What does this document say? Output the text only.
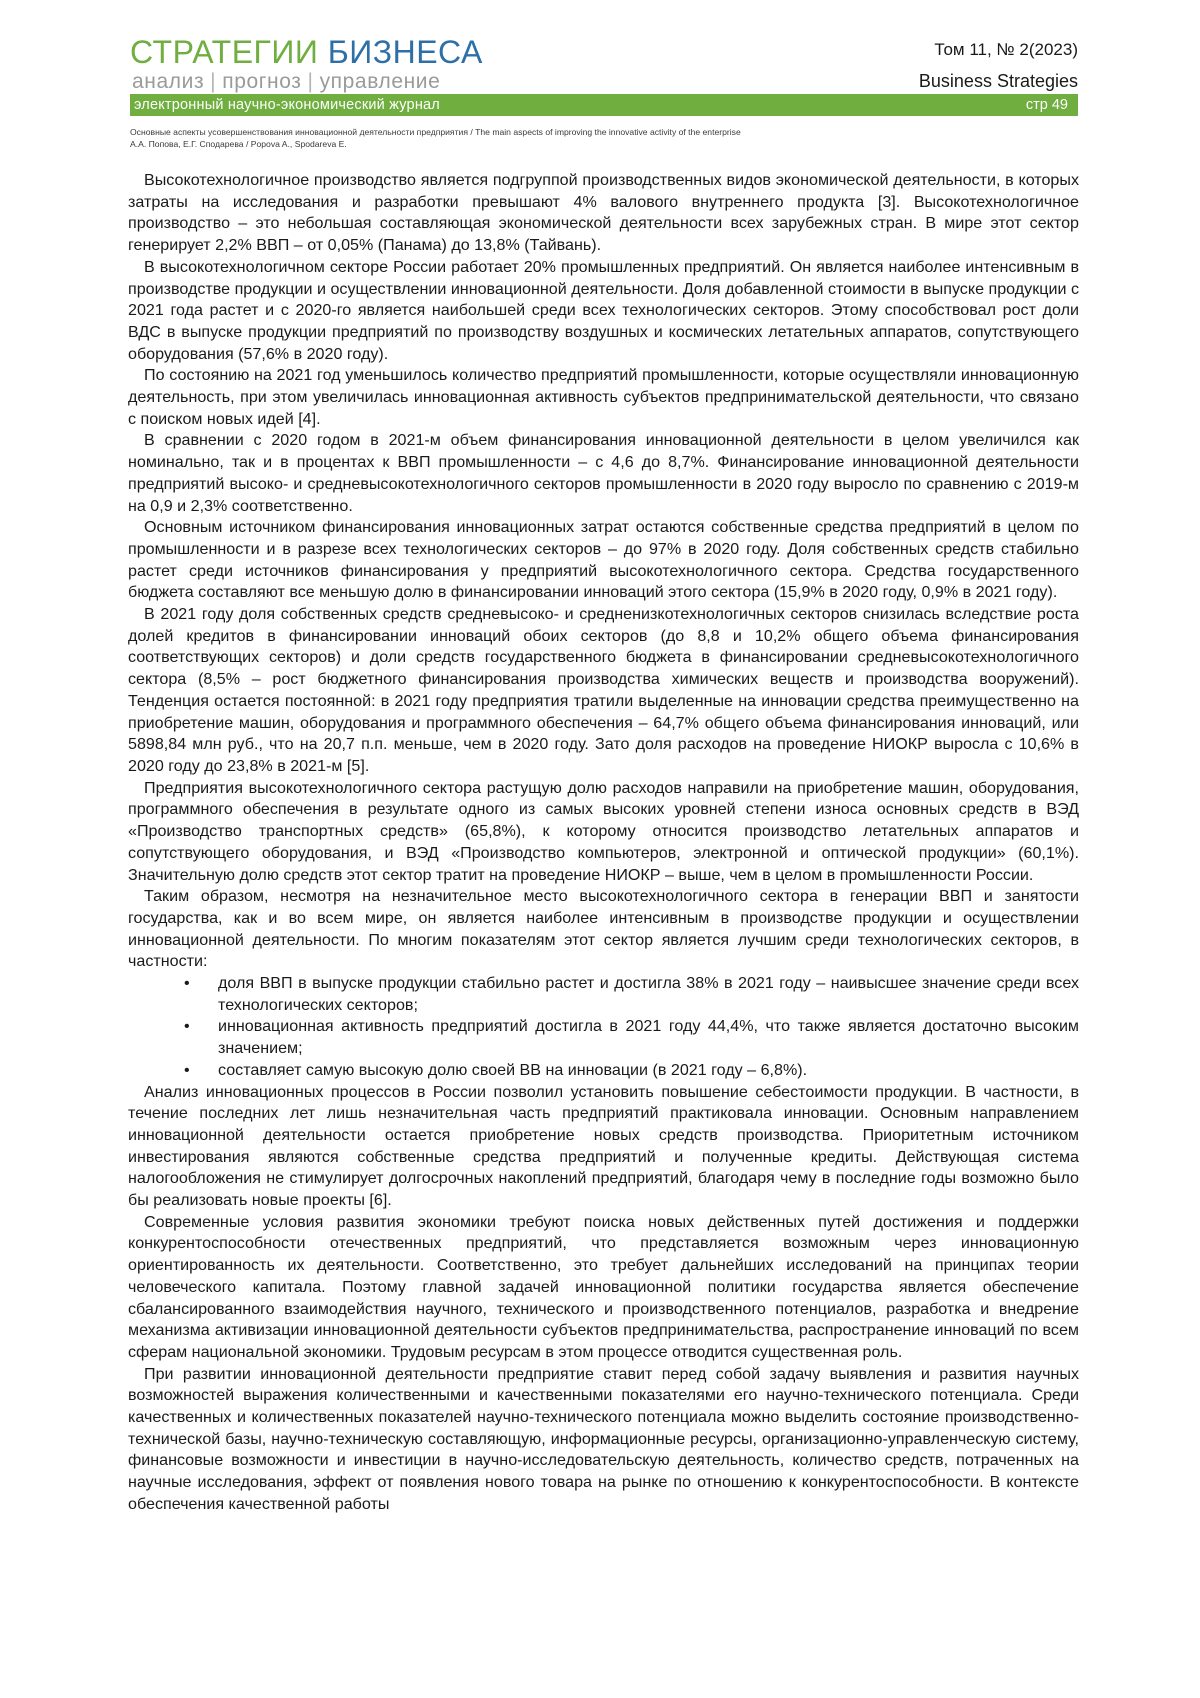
СТРАТЕГИИ БИЗНЕСА
анализ | прогноз | управление
Том 11, № 2(2023)
Business Strategies
электронный научно-экономический журнал	стр 49
Основные аспекты усовершенствования инновационной деятельности предприятия / The main aspects of improving the innovative activity of the enterprise
А.А. Попова, Е.Г. Сподарева / Popova A., Spodareva E.

Высокотехнологичное производство является подгруппой производственных видов экономической деятельности, в которых затраты на исследования и разработки превышают 4% валового внутреннего продукта [3]. Высокотехнологичное производство – это небольшая составляющая экономической деятельности всех зарубежных стран. В мире этот сектор генерирует 2,2% ВВП – от 0,05% (Панама) до 13,8% (Тайвань).

В высокотехнологичном секторе России работает 20% промышленных предприятий. Он является наиболее интенсивным в производстве продукции и осуществлении инновационной деятельности. Доля добавленной стоимости в выпуске продукции с 2021 года растет и с 2020-го является наибольшей среди всех технологических секторов. Этому способствовал рост доли ВДС в выпуске продукции предприятий по производству воздушных и космических летательных аппаратов, сопутствующего оборудования (57,6% в 2020 году).

По состоянию на 2021 год уменьшилось количество предприятий промышленности, которые осуществляли инновационную деятельность, при этом увеличилась инновационная активность субъектов предпринимательской деятельности, что связано с поиском новых идей [4].

В сравнении с 2020 годом в 2021-м объем финансирования инновационной деятельности в целом увеличился как номинально, так и в процентах к ВВП промышленности – с 4,6 до 8,7%. Финансирование инновационной деятельности предприятий высоко- и средневысокотехнологичного секторов промышленности в 2020 году выросло по сравнению с 2019-м на 0,9 и 2,3% соответственно.

Основным источником финансирования инновационных затрат остаются собственные средства предприятий в целом по промышленности и в разрезе всех технологических секторов – до 97% в 2020 году. Доля собственных средств стабильно растет среди источников финансирования у предприятий высокотехнологичного сектора. Средства государственного бюджета составляют все меньшую долю в финансировании инноваций этого сектора (15,9% в 2020 году, 0,9% в 2021 году).

В 2021 году доля собственных средств средневысоко- и средненизкотехнологичных секторов снизилась вследствие роста долей кредитов в финансировании инноваций обоих секторов (до 8,8 и 10,2% общего объема финансирования соответствующих секторов) и доли средств государственного бюджета в финансировании средневысокотехнологичного сектора (8,5% – рост бюджетного финансирования производства химических веществ и производства вооружений). Тенденция остается постоянной: в 2021 году предприятия тратили выделенные на инновации средства преимущественно на приобретение машин, оборудования и программного обеспечения – 64,7% общего объема финансирования инноваций, или 5898,84 млн руб., что на 20,7 п.п. меньше, чем в 2020 году. Зато доля расходов на проведение НИОКР выросла с 10,6% в 2020 году до 23,8% в 2021-м [5].

Предприятия высокотехнологичного сектора растущую долю расходов направили на приобретение машин, оборудования, программного обеспечения в результате одного из самых высоких уровней степени износа основных средств в ВЭД «Производство транспортных средств» (65,8%), к которому относится производство летательных аппаратов и сопутствующего оборудования, и ВЭД «Производство компьютеров, электронной и оптической продукции» (60,1%). Значительную долю средств этот сектор тратит на проведение НИОКР – выше, чем в целом в промышленности России.

Таким образом, несмотря на незначительное место высокотехнологичного сектора в генерации ВВП и занятости государства, как и во всем мире, он является наиболее интенсивным в производстве продукции и осуществлении инновационной деятельности. По многим показателям этот сектор является лучшим среди технологических секторов, в частности:

• доля ВВП в выпуске продукции стабильно растет и достигла 38% в 2021 году – наивысшее значение среди всех технологических секторов;
• инновационная активность предприятий достигла в 2021 году 44,4%, что также является достаточно высоким значением;
• составляет самую высокую долю своей ВВ на инновации (в 2021 году – 6,8%).

Анализ инновационных процессов в России позволил установить повышение себестоимости продукции. В частности, в течение последних лет лишь незначительная часть предприятий практиковала инновации. Основным направлением инновационной деятельности остается приобретение новых средств производства. Приоритетным источником инвестирования являются собственные средства предприятий и полученные кредиты. Действующая система налогообложения не стимулирует долгосрочных накоплений предприятий, благодаря чему в последние годы возможно было бы реализовать новые проекты [6].

Современные условия развития экономики требуют поиска новых действенных путей достижения и поддержки конкурентоспособности отечественных предприятий, что представляется возможным через инновационную ориентированность их деятельности. Соответственно, это требует дальнейших исследований на принципах теории человеческого капитала. Поэтому главной задачей инновационной политики государства является обеспечение сбалансированного взаимодействия научного, технического и производственного потенциалов, разработка и внедрение механизма активизации инновационной деятельности субъектов предпринимательства, распространение инноваций по всем сферам национальной экономики. Трудовым ресурсам в этом процессе отводится существенная роль.

При развитии инновационной деятельности предприятие ставит перед собой задачу выявления и развития научных возможностей выражения количественными и качественными показателями его научно-технического потенциала. Среди качественных и количественных показателей научно-технического потенциала можно выделить состояние производственно-технической базы, научно-техническую составляющую, информационные ресурсы, организационно-управленческую систему, финансовые возможности и инвестиции в научно-исследовательскую деятельность, количество средств, потраченных на научные исследования, эффект от появления нового товара на рынке по отношению к конкурентоспособности. В контексте обеспечения качественной работы
